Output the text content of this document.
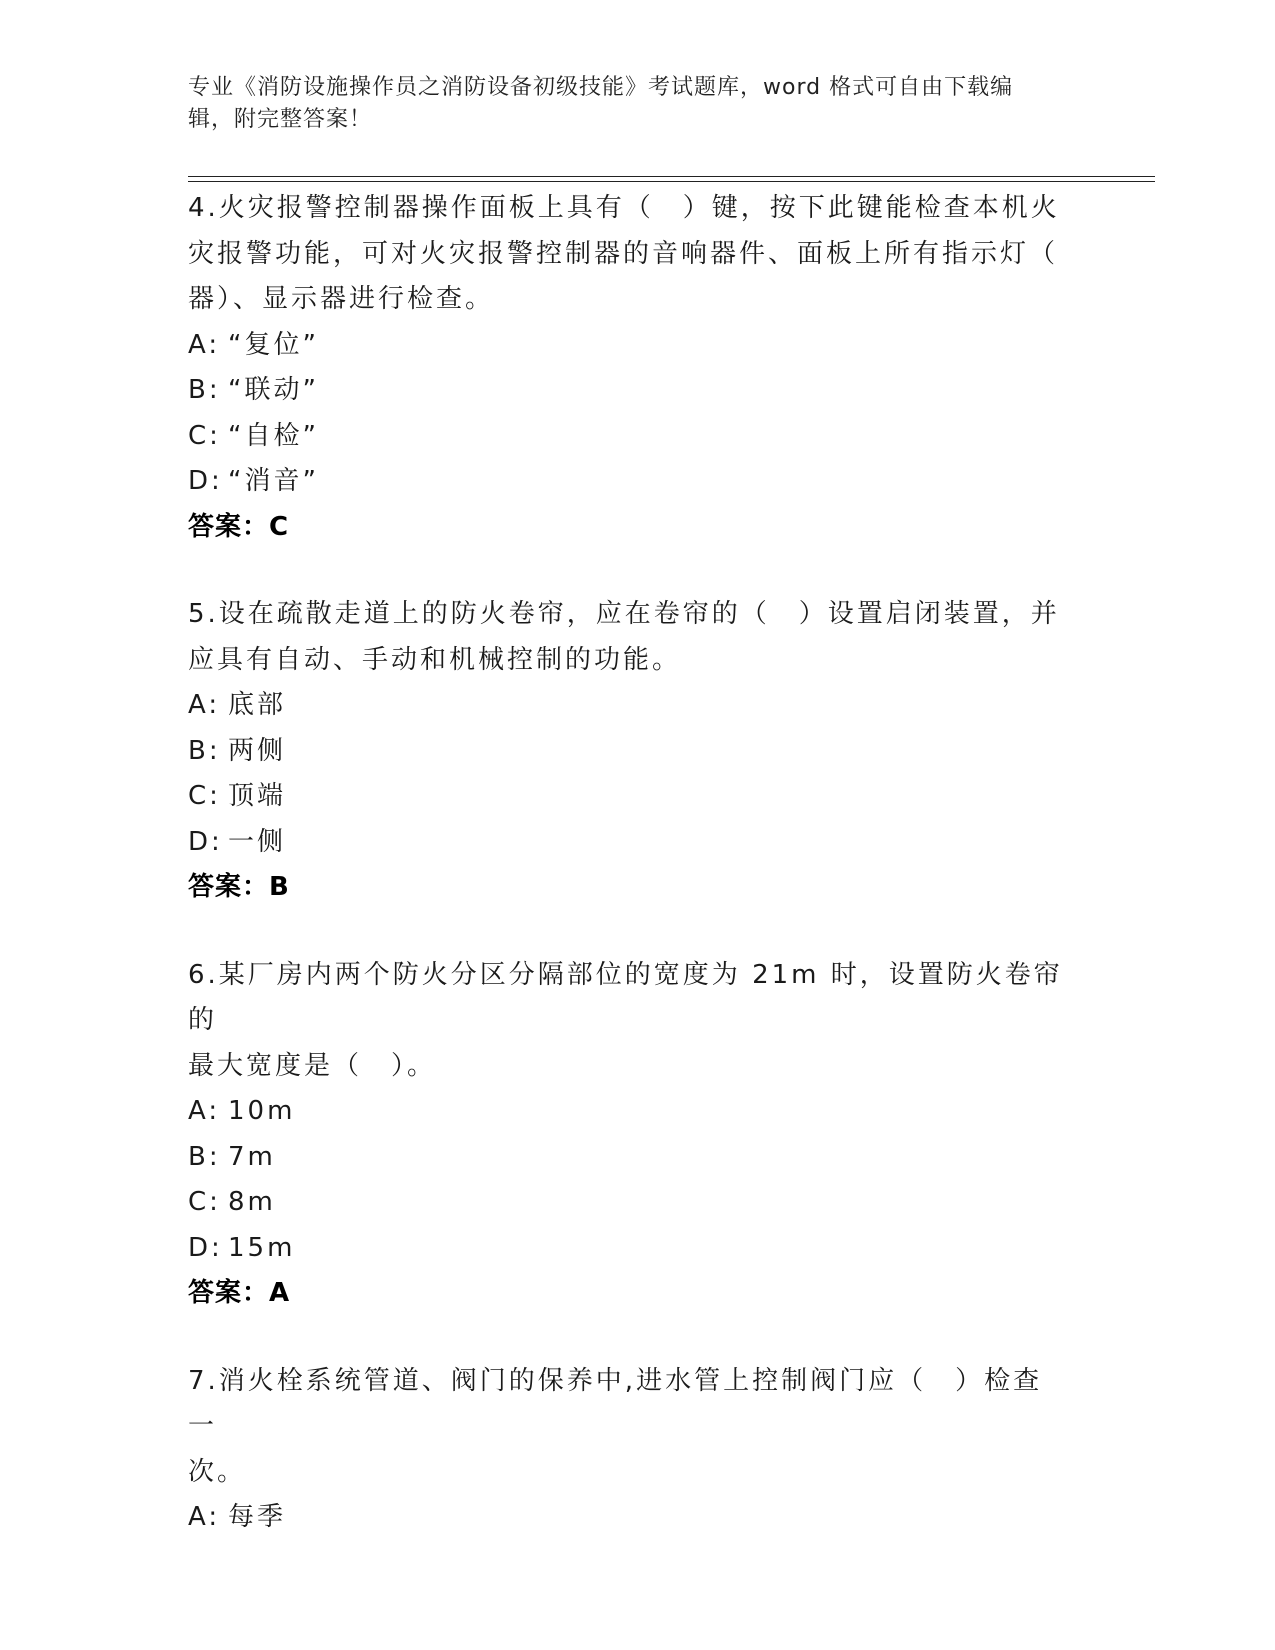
专业《消防设施操作员之消防设备初级技能》考试题库，word 格式可自由下载编
辑，附完整答案！

4.火灾报警控制器操作面板上具有（　）键，按下此键能检查本机火

灾报警功能，可对火灾报警控制器的音响器件、面板上所有指示灯（

器）、显示器进行检查。

A: “复位”

B: “联动”

C: “自检”

D: “消音”

答案：C

5.设在疏散走道上的防火卷帘，应在卷帘的（　）设置启闭装置，并

应具有自动、手动和机械控制的功能。

A: 底部

B: 两侧

C: 顶端

D: 一侧

答案：B

6.某厂房内两个防火分区分隔部位的宽度为 21m 时，设置防火卷帘的

最大宽度是（　）。

A: 10m

B: 7m

C: 8m

D: 15m

答案：A

7.消火栓系统管道、阀门的保养中,进水管上控制阀门应（　）检查一

次。

A: 每季
